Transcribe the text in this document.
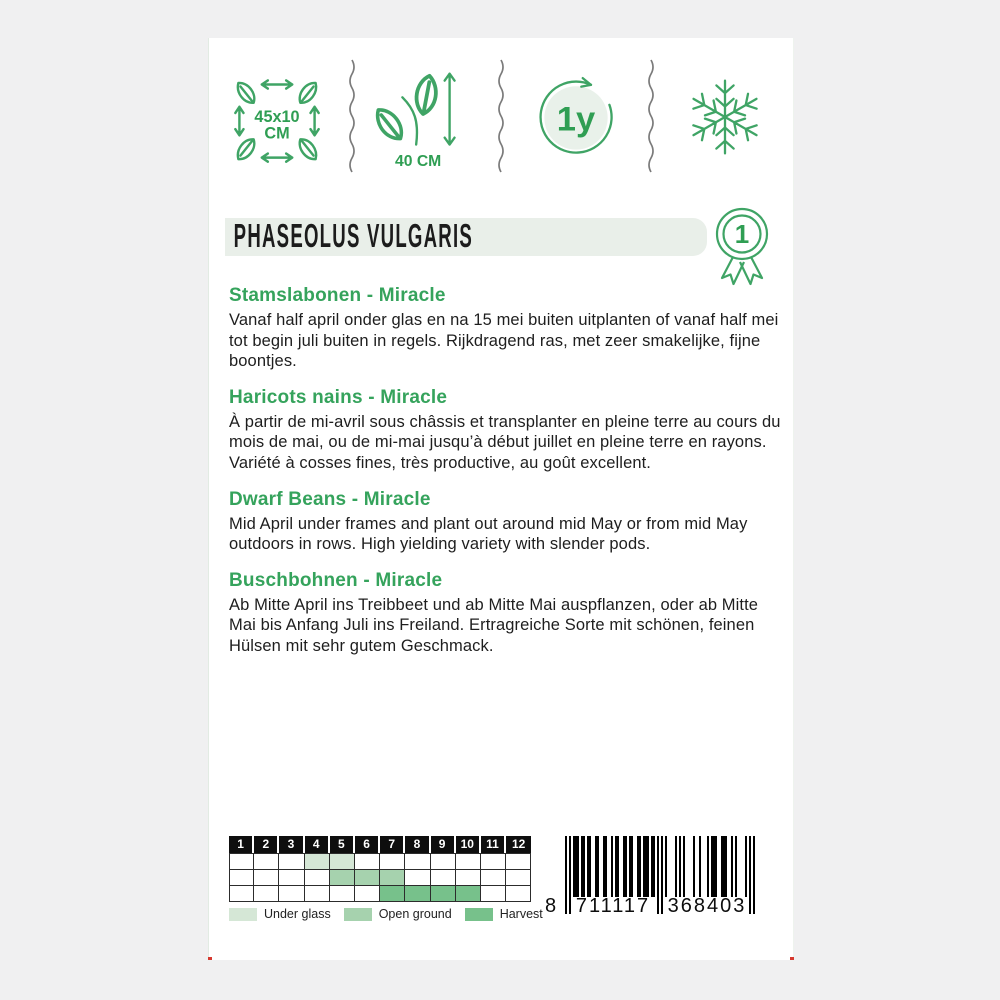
45x10
CM
40 CM
1y
PHASEOLUS VULGARIS	1
Stamslabonen - Miracle

Vanaf half april onder glas en na 15 mei buiten uitplanten of vanaf half mei tot begin juli buiten in regels. Rijkdragend ras, met zeer smakelijke, fijne boontjes.

Haricots nains - Miracle

À partir de mi-avril sous châssis et transplanter en pleine terre au cours du mois de mai, ou de mi-mai jusqu’à début juillet en pleine terre en rayons. Variété à cosses fines, très productive, au goût excellent.

Dwarf Beans - Miracle

Mid April under frames and plant out around mid May or from mid May outdoors in rows. High yielding variety with slender pods.

Buschbohnen - Miracle

Ab Mitte April ins Treibbeet und ab Mitte Mai auspflanzen, oder ab Mitte Mai bis Anfang Juli ins Freiland. Ertragreiche Sorte mit schönen, feinen Hülsen mit sehr gutem Geschmack.

1	2	3	4	5	6	7	8	9	10	11	12
Under glass	Open ground	Harvest 8 711117 368403
